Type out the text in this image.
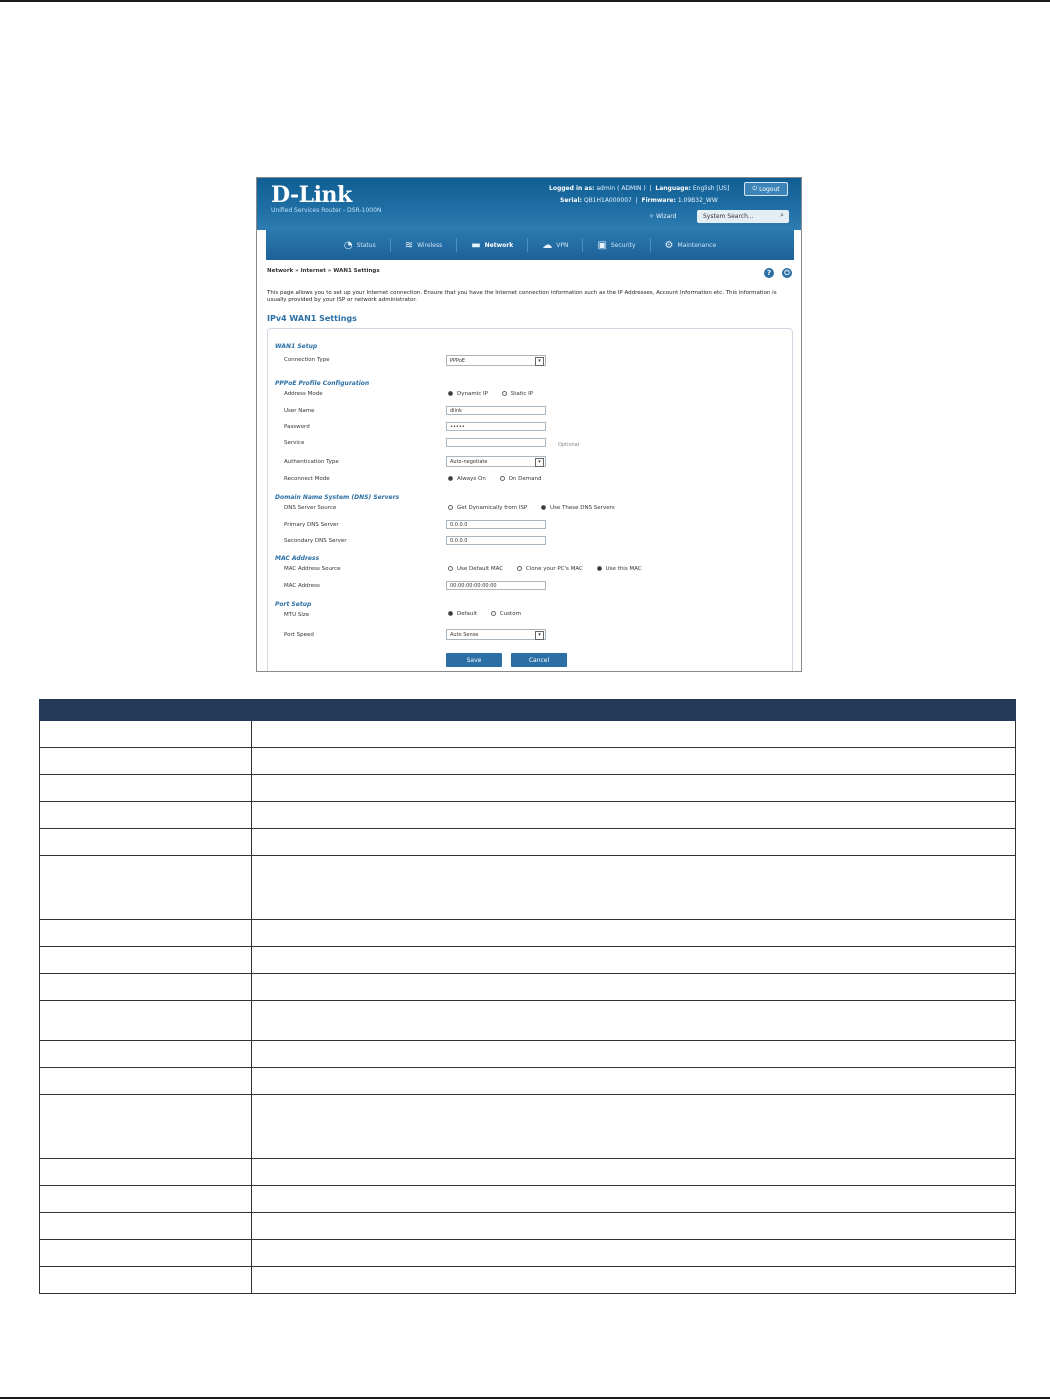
D-Link
Unified Services Router - DSR-1000N
Logged in as: admin ( ADMIN )  |  Language: English [US]
Serial: QB1H1A000007  |  Firmware: 1.09B32_WW
⏻ Logout
✧ Wizard	System Search...	⌕
◔ Status	≋ Wireless	▬ Network	☁ VPN	▣ Security	⚙ Maintenance
Network » Internet » WAN1 Settings	?	⏻
This page allows you to set up your Internet connection. Ensure that you have the Internet connection information such as the IP Addresses, Account Information etc. This information is usually provided by your ISP or network administrator.
IPv4 WAN1 Settings
WAN1 Setup
Connection Type	PPPoE	▾
PPPoE Profile Configuration
Address Mode	Dynamic IP	Static IP
User Name	dlink
Password	•••••
Service	Optional
Authentication Type	Auto-negotiate	▾
Reconnect Mode	Always On	On Demand
Domain Name System (DNS) Servers
DNS Server Source	Get Dynamically from ISP	Use These DNS Servers
Primary DNS Server	0.0.0.0
Secondary DNS Server	0.0.0.0
MAC Address
MAC Address Source	Use Default MAC	Clone your PC's MAC	Use this MAC
MAC Address	00:00:00:00:00:00
Port Setup
MTU Size	Default	Custom
Port Speed	Auto Sense	▾
Save	Cancel
